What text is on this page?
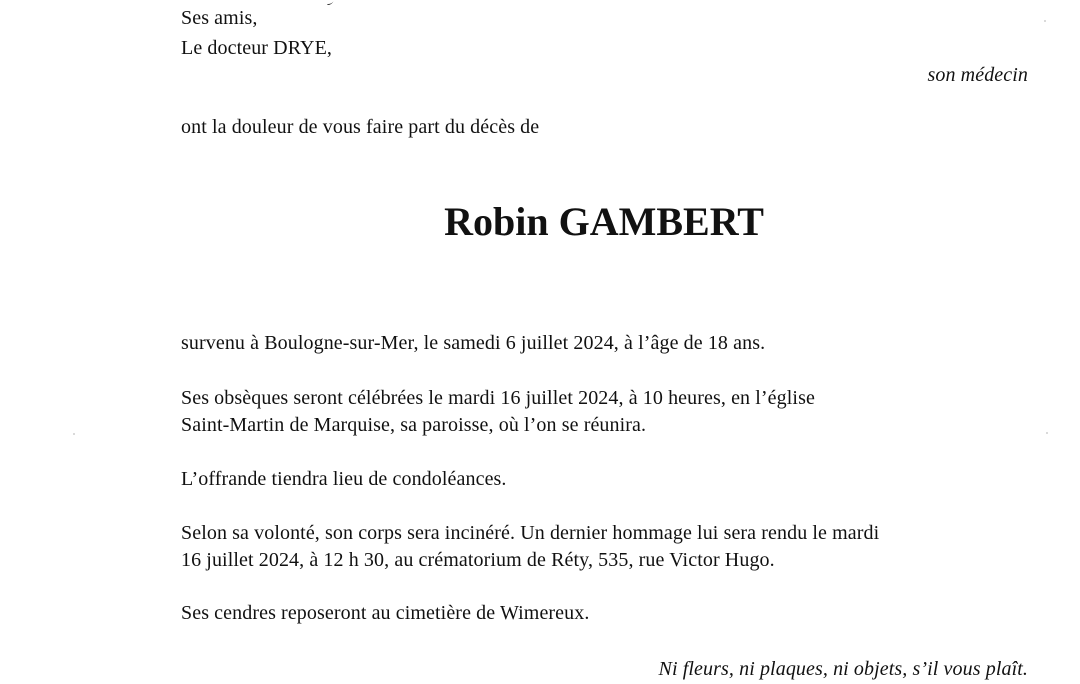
Ses amis,
Le docteur DRYE,
son médecin
ont la douleur de vous faire part du décès de
Robin GAMBERT
survenu à Boulogne-sur-Mer, le samedi 6 juillet 2024, à l’âge de 18 ans.
Ses obsèques seront célébrées le mardi 16 juillet 2024, à 10 heures, en l’église
Saint-Martin de Marquise, sa paroisse, où l’on se réunira.
L’offrande tiendra lieu de condoléances.
Selon sa volonté, son corps sera incinéré. Un dernier hommage lui sera rendu le mardi
16 juillet 2024, à 12 h 30, au crématorium de Réty, 535, rue Victor Hugo.
Ses cendres reposeront au cimetière de Wimereux.
Ni fleurs, ni plaques, ni objets, s’il vous plaît.
